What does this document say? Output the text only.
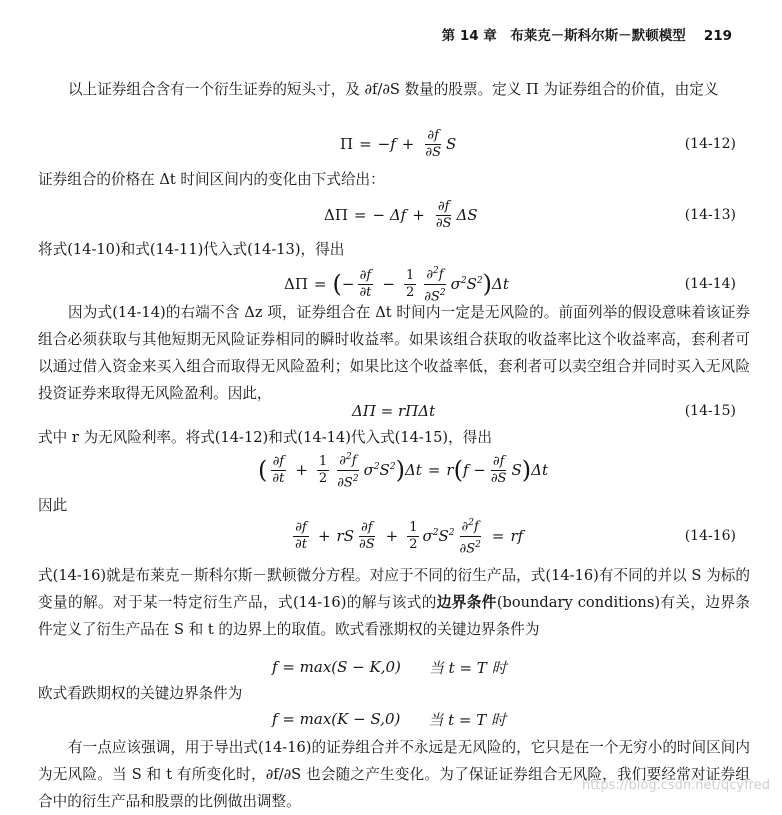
第 14 章　布莱克－斯科尔斯－默顿模型 219
以上证券组合含有一个衍生证券的短头寸，及 ∂f/∂S 数量的股票。定义 Π 为证券组合的价值，由定义
$\Pi = -f + \frac{\partial f}{\partial S}$ S	(14-12)
证券组合的价格在 Δt 时间区间内的变化由下式给出：
ΔΠ = − $\Delta f + \frac{\partial f}{\partial S}$ ΔS	(14-13)
将式(14-10)和式(14-11)代入式(14-13)，得出
ΔΠ = ( − $\frac{\partial f}{\partial t} - \frac{1}{2} \frac{\partial^2f}{\partial S^2} \sigma^2S^2$ ) Δt	(14-14)
因为式(14-14)的右端不含 Δz 项，证券组合在 Δt 时间内一定是无风险的。前面列举的假设意味着该证券组合必须获取与其他短期无风险证券相同的瞬时收益率。如果该组合获取的收益率比这个收益率高，套利者可以通过借入资金来买入组合而取得无风险盈利；如果比这个收益率低，套利者可以卖空组合并同时买入无风险投资证券来取得无风险盈利。因此，
ΔΠ = rΠΔt	(14-15)
式中 r 为无风险利率。将式(14-12)和式(14-14)代入式(14-15)，得出
( $\frac{\partial f}{\partial t} + \frac{1}{2} \frac{\partial^2f}{\partial S^2} \sigma^2S^2$ ) Δt = r ( $f - \frac{\partial f}{\partial S}$ S ) Δt
因此
$\frac{\partial f}{\partial t}$ + rS $\frac{\partial f}{\partial S} + \frac{1}{2} \sigma^2S^2 \frac{\partial^2f}{\partial S^2}$ = rf	(14-16)
式(14-16)就是布莱克－斯科尔斯－默顿微分方程。对应于不同的衍生产品，式(14-16)有不同的并以 S 为标的变量的解。对于某一特定衍生产品，式(14-16)的解与该式的边界条件(boundary conditions)有关，边界条件定义了衍生产品在 S 和 t 的边界上的取值。欧式看涨期权的关键边界条件为
f = max(S − K,0) 当 t = T 时
欧式看跌期权的关键边界条件为
f = max(K − S,0) 当 t = T 时
有一点应该强调，用于导出式(14-16)的证券组合并不永远是无风险的，它只是在一个无穷小的时间区间内为无风险。当 S 和 t 有所变化时，∂f/∂S 也会随之产生变化。为了保证证券组合无风险，我们要经常对证券组合中的衍生产品和股票的比例做出调整。
https://blog.csdn.net/qcyfred
